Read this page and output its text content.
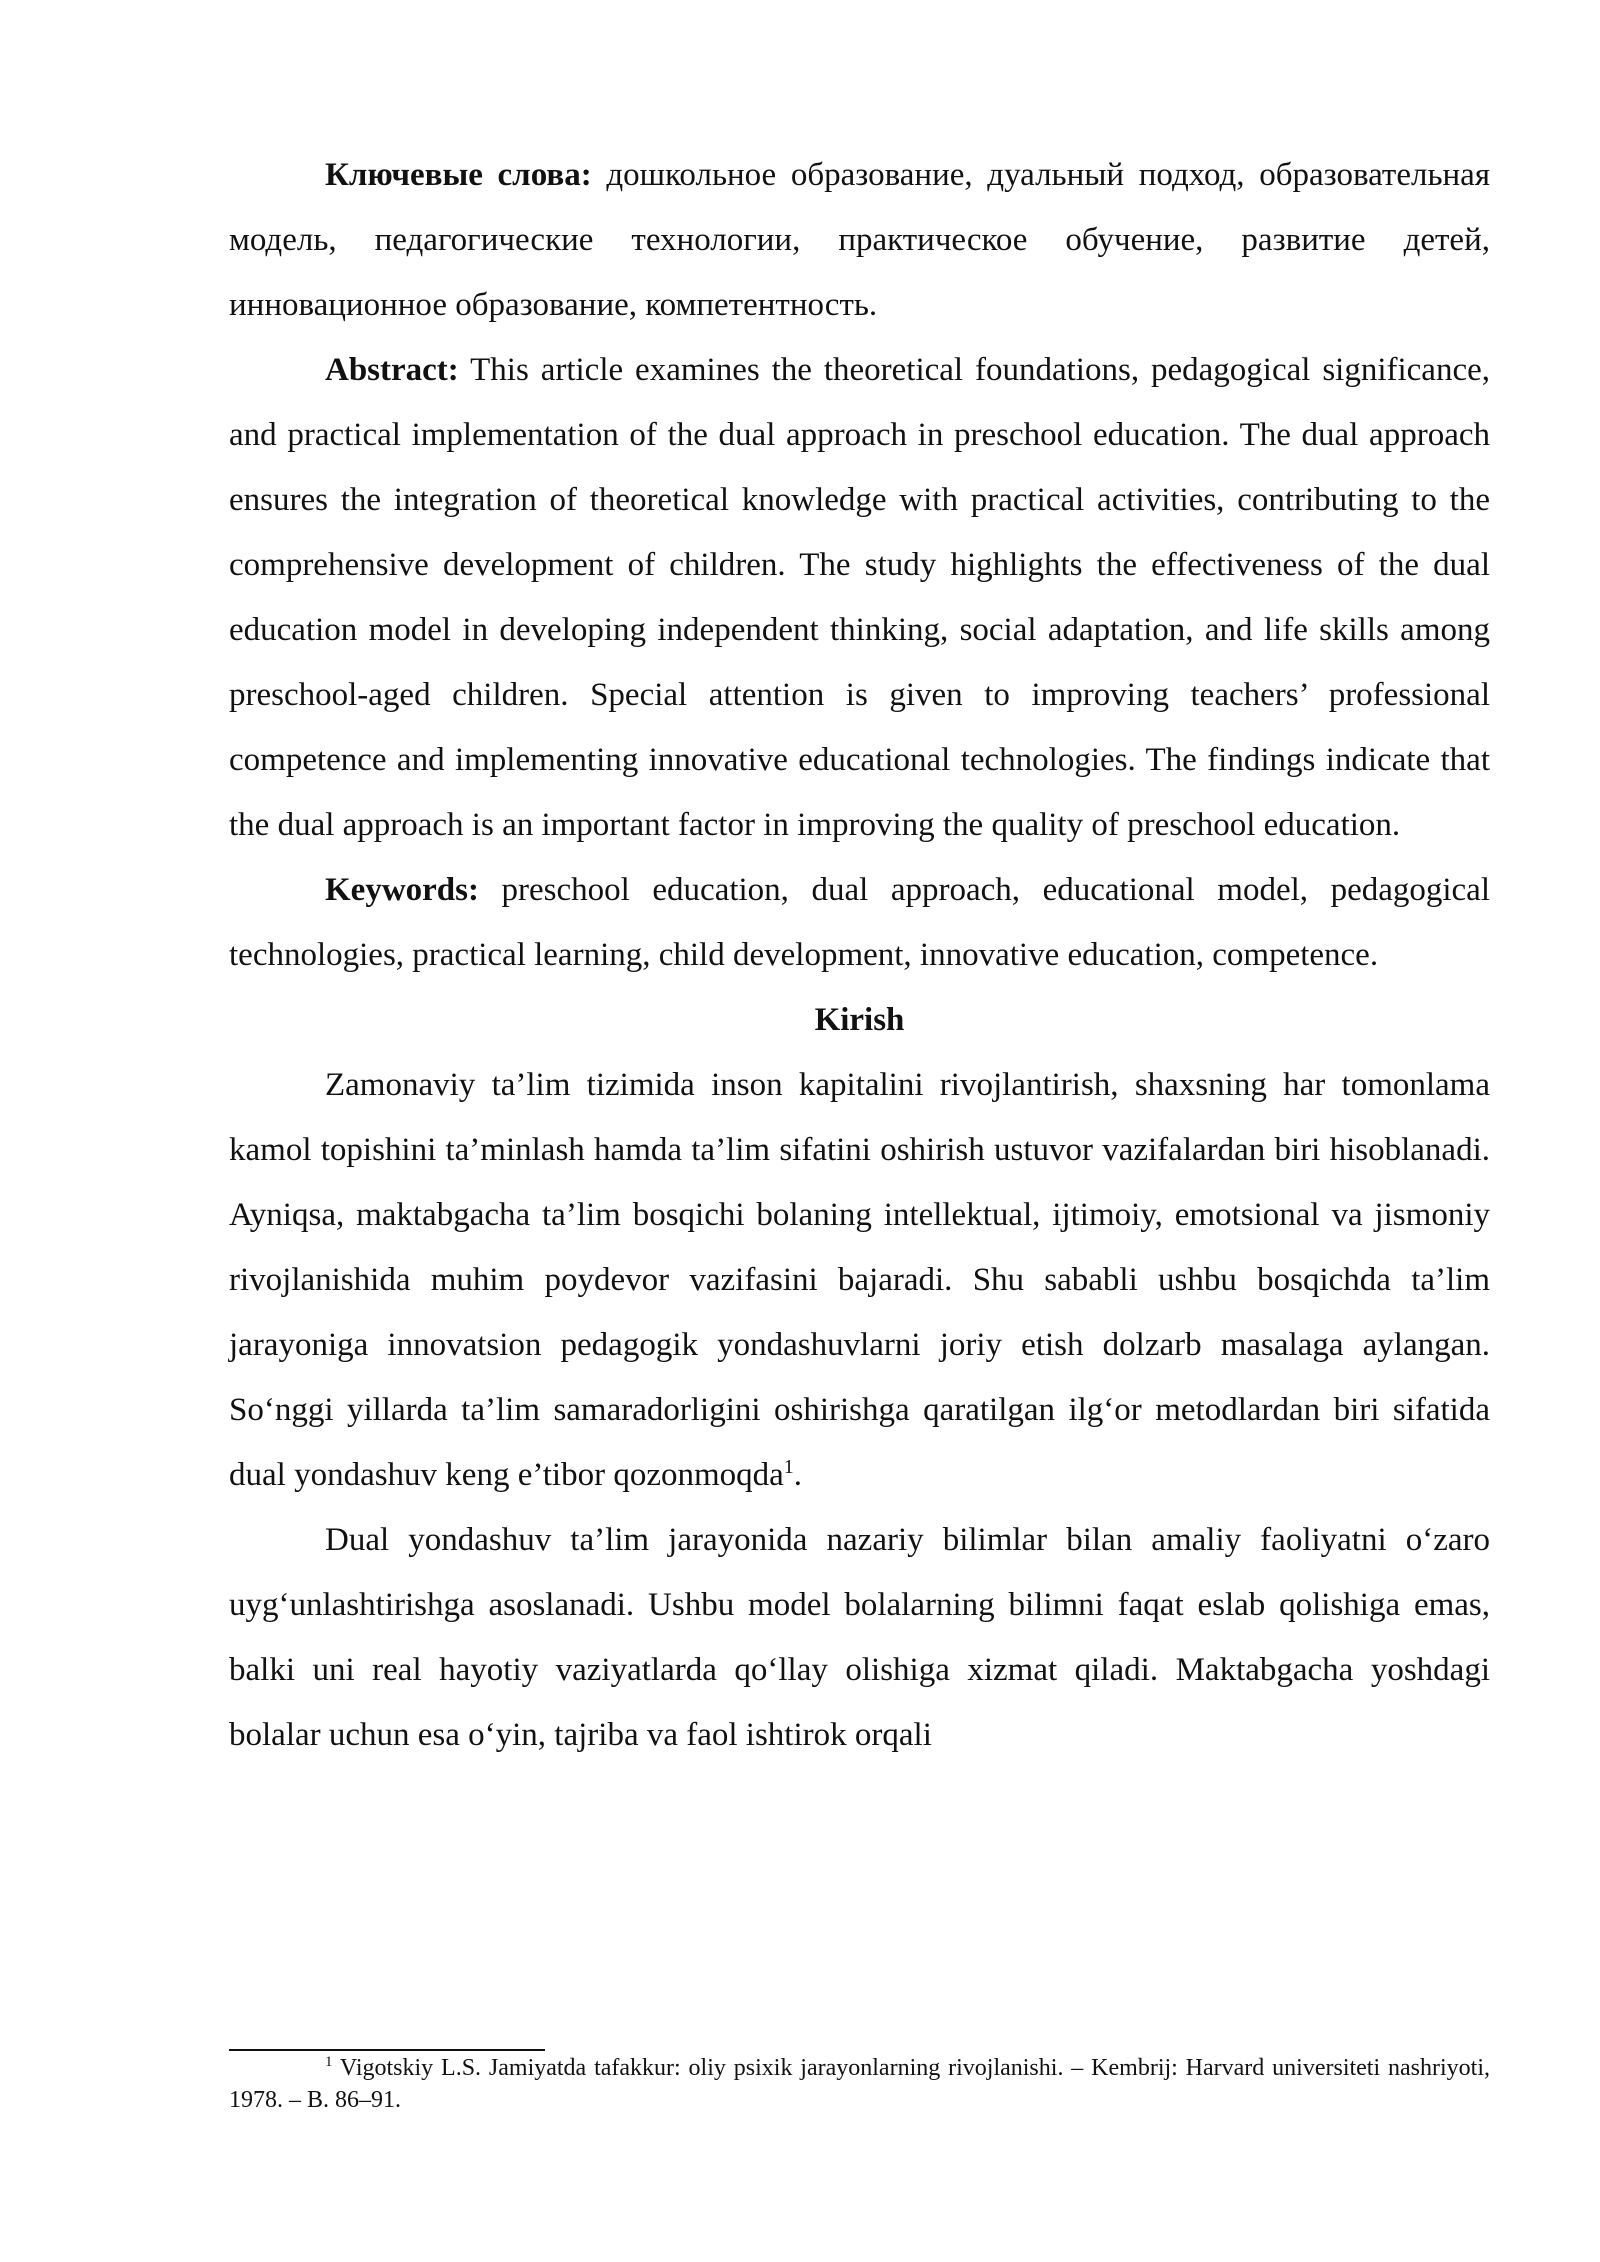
Ключевые слова: дошкольное образование, дуальный подход, образовательная модель, педагогические технологии, практическое обучение, развитие детей, инновационное образование, компетентность.

Abstract: This article examines the theoretical foundations, pedagogical significance, and practical implementation of the dual approach in preschool education. The dual approach ensures the integration of theoretical knowledge with practical activities, contributing to the comprehensive development of children. The study highlights the effectiveness of the dual education model in developing independent thinking, social adaptation, and life skills among preschool-aged children. Special attention is given to improving teachers’ professional competence and implementing innovative educational technologies. The findings indicate that the dual approach is an important factor in improving the quality of preschool education.

Keywords: preschool education, dual approach, educational model, pedagogical technologies, practical learning, child development, innovative education, competence.

Kirish

Zamonaviy ta’lim tizimida inson kapitalini rivojlantirish, shaxsning har tomonlama kamol topishini ta’minlash hamda ta’lim sifatini oshirish ustuvor vazifalardan biri hisoblanadi. Ayniqsa, maktabgacha ta’lim bosqichi bolaning intellektual, ijtimoiy, emotsional va jismoniy rivojlanishida muhim poydevor vazifasini bajaradi. Shu sababli ushbu bosqichda ta’lim jarayoniga innovatsion pedagogik yondashuvlarni joriy etish dolzarb masalaga aylangan. So‘nggi yillarda ta’lim samaradorligini oshirishga qaratilgan ilg‘or metodlardan biri sifatida dual yondashuv keng e’tibor qozonmoqda$^1$.

Dual yondashuv ta’lim jarayonida nazariy bilimlar bilan amaliy faoliyatni o‘zaro uyg‘unlashtirishga asoslanadi. Ushbu model bolalarning bilimni faqat eslab qolishiga emas, balki uni real hayotiy vaziyatlarda qo‘llay olishiga xizmat qiladi. Maktabgacha yoshdagi bolalar uchun esa o‘yin, tajriba va faol ishtirok orqali

$^1$ Vigotskiy L.S. Jamiyatda tafakkur: oliy psixik jarayonlarning rivojlanishi. – Kembrij: Harvard universiteti nashriyoti, 1978. – B. 86–91.
